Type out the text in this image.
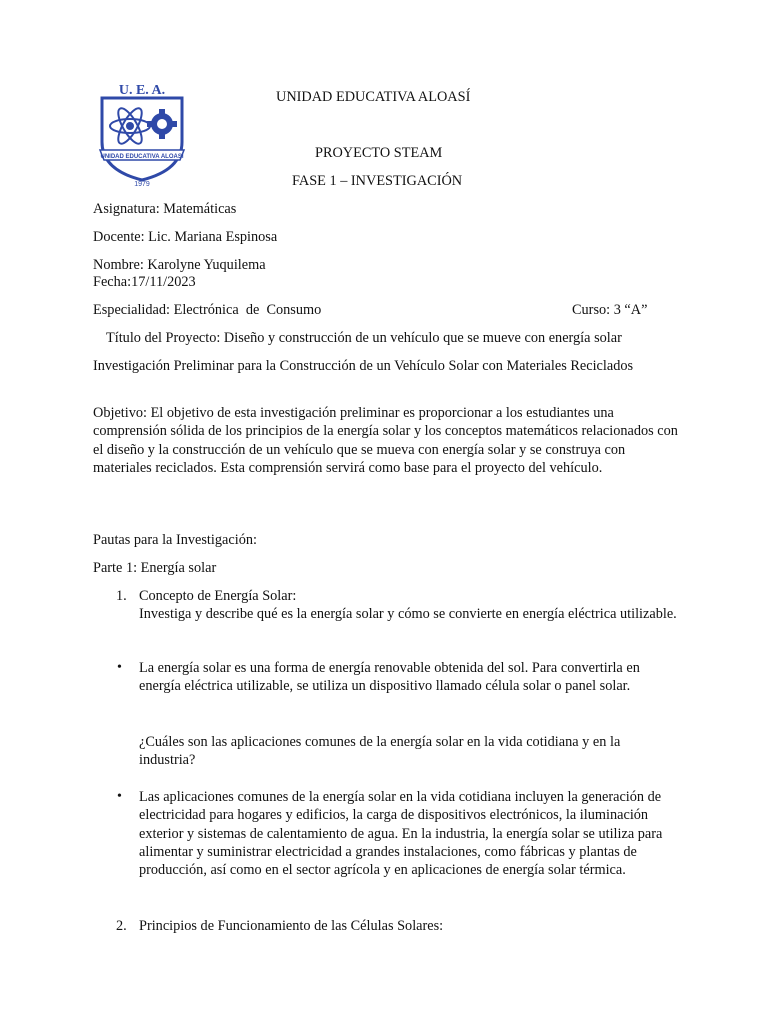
U. E. A.
UNIDAD EDUCATIVA ALOASÍ
1979

UNIDAD EDUCATIVA ALOASÍ

PROYECTO STEAM

FASE 1 – INVESTIGACIÓN

Asignatura: Matemáticas

Docente: Lic. Mariana Espinosa

Nombre: Karolyne Yuquilema

Fecha:17/11/2023

Especialidad: Electrónica  de  Consumo	Curso: 3 “A”

Título del Proyecto: Diseño y construcción de un vehículo que se mueve con energía solar

Investigación Preliminar para la Construcción de un Vehículo Solar con Materiales Reciclados

Objetivo: El objetivo de esta investigación preliminar es proporcionar a los estudiantes una comprensión sólida de los principios de la energía solar y los conceptos matemáticos relacionados con el diseño y la construcción de un vehículo que se mueva con energía solar y se construya con materiales reciclados. Esta comprensión servirá como base para el proyecto del vehículo.

Pautas para la Investigación:

Parte 1: Energía solar

1. Concepto de Energía Solar:

Investiga y describe qué es la energía solar y cómo se convierte en energía eléctrica utilizable.

• La energía solar es una forma de energía renovable obtenida del sol. Para convertirla en energía eléctrica utilizable, se utiliza un dispositivo llamado célula solar o panel solar.

¿Cuáles son las aplicaciones comunes de la energía solar en la vida cotidiana y en la industria?

• Las aplicaciones comunes de la energía solar en la vida cotidiana incluyen la generación de electricidad para hogares y edificios, la carga de dispositivos electrónicos, la iluminación exterior y sistemas de calentamiento de agua. En la industria, la energía solar se utiliza para alimentar y suministrar electricidad a grandes instalaciones, como fábricas y plantas de producción, así como en el sector agrícola y en aplicaciones de energía solar térmica.

2. Principios de Funcionamiento de las Células Solares:
